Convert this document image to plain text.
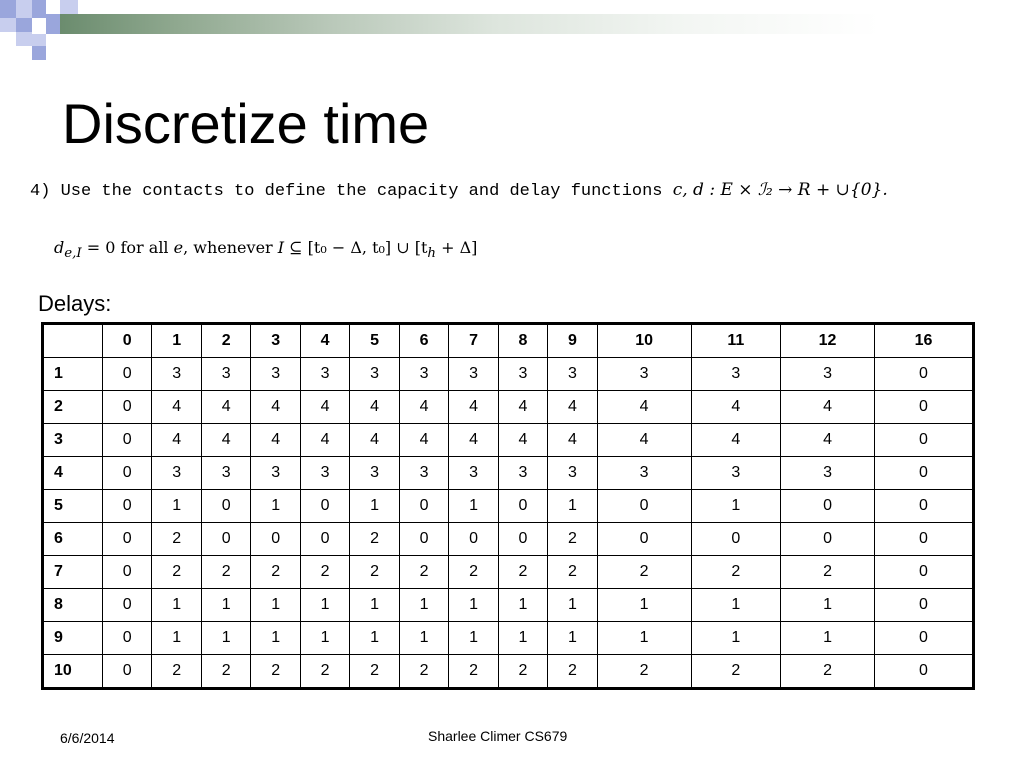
Discretize time
4) Use the contacts to define the capacity and delay functions c, d : E × ℐ₂ → R + ∪{0}.
$d_{e,I} = 0$ for all e, whenever I ⊆ [t₀ − Δ, t₀] ∪ $[t_h + \Delta]$
Delays:
	0	1	2	3	4	5	6	7	8	9	10	11	12	16
1	0	3	3	3	3	3	3	3	3	3	3	3	3	0
2	0	4	4	4	4	4	4	4	4	4	4	4	4	0
3	0	4	4	4	4	4	4	4	4	4	4	4	4	0
4	0	3	3	3	3	3	3	3	3	3	3	3	3	0
5	0	1	0	1	0	1	0	1	0	1	0	1	0	0
6	0	2	0	0	0	2	0	0	0	2	0	0	0	0
7	0	2	2	2	2	2	2	2	2	2	2	2	2	0
8	0	1	1	1	1	1	1	1	1	1	1	1	1	0
9	0	1	1	1	1	1	1	1	1	1	1	1	1	0
10	0	2	2	2	2	2	2	2	2	2	2	2	2	0
6/6/2014	Sharlee Climer CS679
